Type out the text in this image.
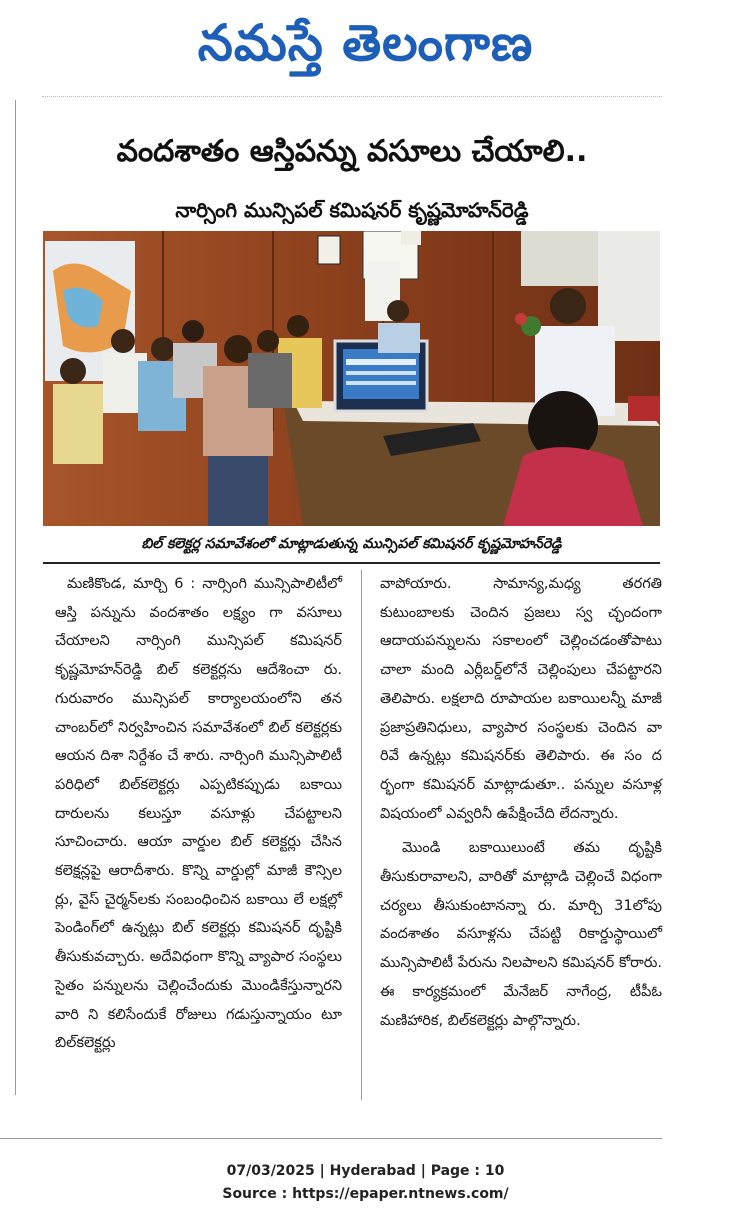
నమస్తే తెలంగాణ
వందశాతం ఆస్తిపన్ను వసూలు చేయాలి..
నార్సింగి మున్సిపల్ కమిషనర్ కృష్ణమోహన్‌రెడ్డి
బిల్ కలెక్టర్ల సమావేశంలో మాట్లాడుతున్న మున్సిపల్ కమిషనర్ కృష్ణమోహన్‌రెడ్డి

మణికొండ, మార్చి 6 : నార్సింగి మున్సిపాలిటీలో ఆస్తి పన్నును వందశాతం లక్ష్యం గా వసూలు చేయాలని నార్సింగి మున్సిపల్ కమిషనర్ కృష్ణమోహన్‌రెడ్డి బిల్ కలెక్టర్లను ఆదేశించా రు. గురువారం మున్సిపల్ కార్యాలయంలోని తన చాంబర్‌లో నిర్వహించిన సమావేశంలో బిల్ కలెక్టర్లకు ఆయన దిశా నిర్దేశం చే శారు. నార్సింగి మున్సిపాలిటీ పరిధిలో బిల్‌కలెక్టర్లు ఎప్పటికప్పుడు బకాయి దారులను కలుస్తూ వసూళ్లు చేపట్టాలని సూచించారు. ఆయా వార్డుల బిల్ కలెక్టర్లు చేసిన కలెక్షన్లపై ఆరాదీశారు. కొన్ని వార్డుల్లో మాజీ కౌన్సిల ర్లు, వైస్ చైర్మన్‌లకు సంబంధించిన బకాయి లే లక్షల్లో పెండింగ్‌లో ఉన్నట్లు బిల్ కలెక్టర్లు కమిషనర్ దృష్టికి తీసుకువచ్చారు. అదేవిధంగా కొన్ని వ్యాపార సంస్థలు సైతం పన్నులను చెల్లించేందుకు మొండికేస్తున్నారని వారి ని కలిసేందుకే రోజులు గడుస్తున్నాయం టూ బిల్‌కలెక్టర్లు

వాపోయారు. సామాన్య,మధ్య తరగతి కుటుంబాలకు చెందిన ప్రజలు స్వ చ్ఛందంగా ఆదాయపన్నులను సకాలంలో చెల్లించడంతోపాటు చాలా మంది ఎర్లీబర్డ్‌లోనే చెల్లింపులు చేపట్టారని తెలిపారు. లక్షలాది రూపాయల బకాయిలన్నీ మాజీ ప్రజాప్రతినిధులు, వ్యాపార సంస్థలకు చెందిన వా రివే ఉన్నట్లు కమిషనర్‌కు తెలిపారు. ఈ సం ద ర్భంగా కమిషనర్ మాట్లాడుతూ.. పన్నుల వసూళ్ల విషయంలో ఎవ్వరినీ ఉపేక్షించేది లేదన్నారు.

మొండి బకాయిలుంటే తమ దృష్టికి తీసుకురావాలని, వారితో మాట్లాడి చెల్లించే విధంగా చర్యలు తీసుకుంటానన్నా రు. మార్చి 31లోపు వందశాతం వసూళ్లను చేపట్టి రికార్డుస్థాయిలో మున్సిపాలిటీ పేరును నిలపాలని కమిషనర్ కోరారు. ఈ కార్యక్రమంలో మేనేజర్ నాగేంద్ర, టీపీఓ మణిహారిక, బిల్‌కలెక్టర్లు పాల్గొన్నారు.

07/03/2025 | Hyderabad | Page : 10
Source : https://epaper.ntnews.com/
